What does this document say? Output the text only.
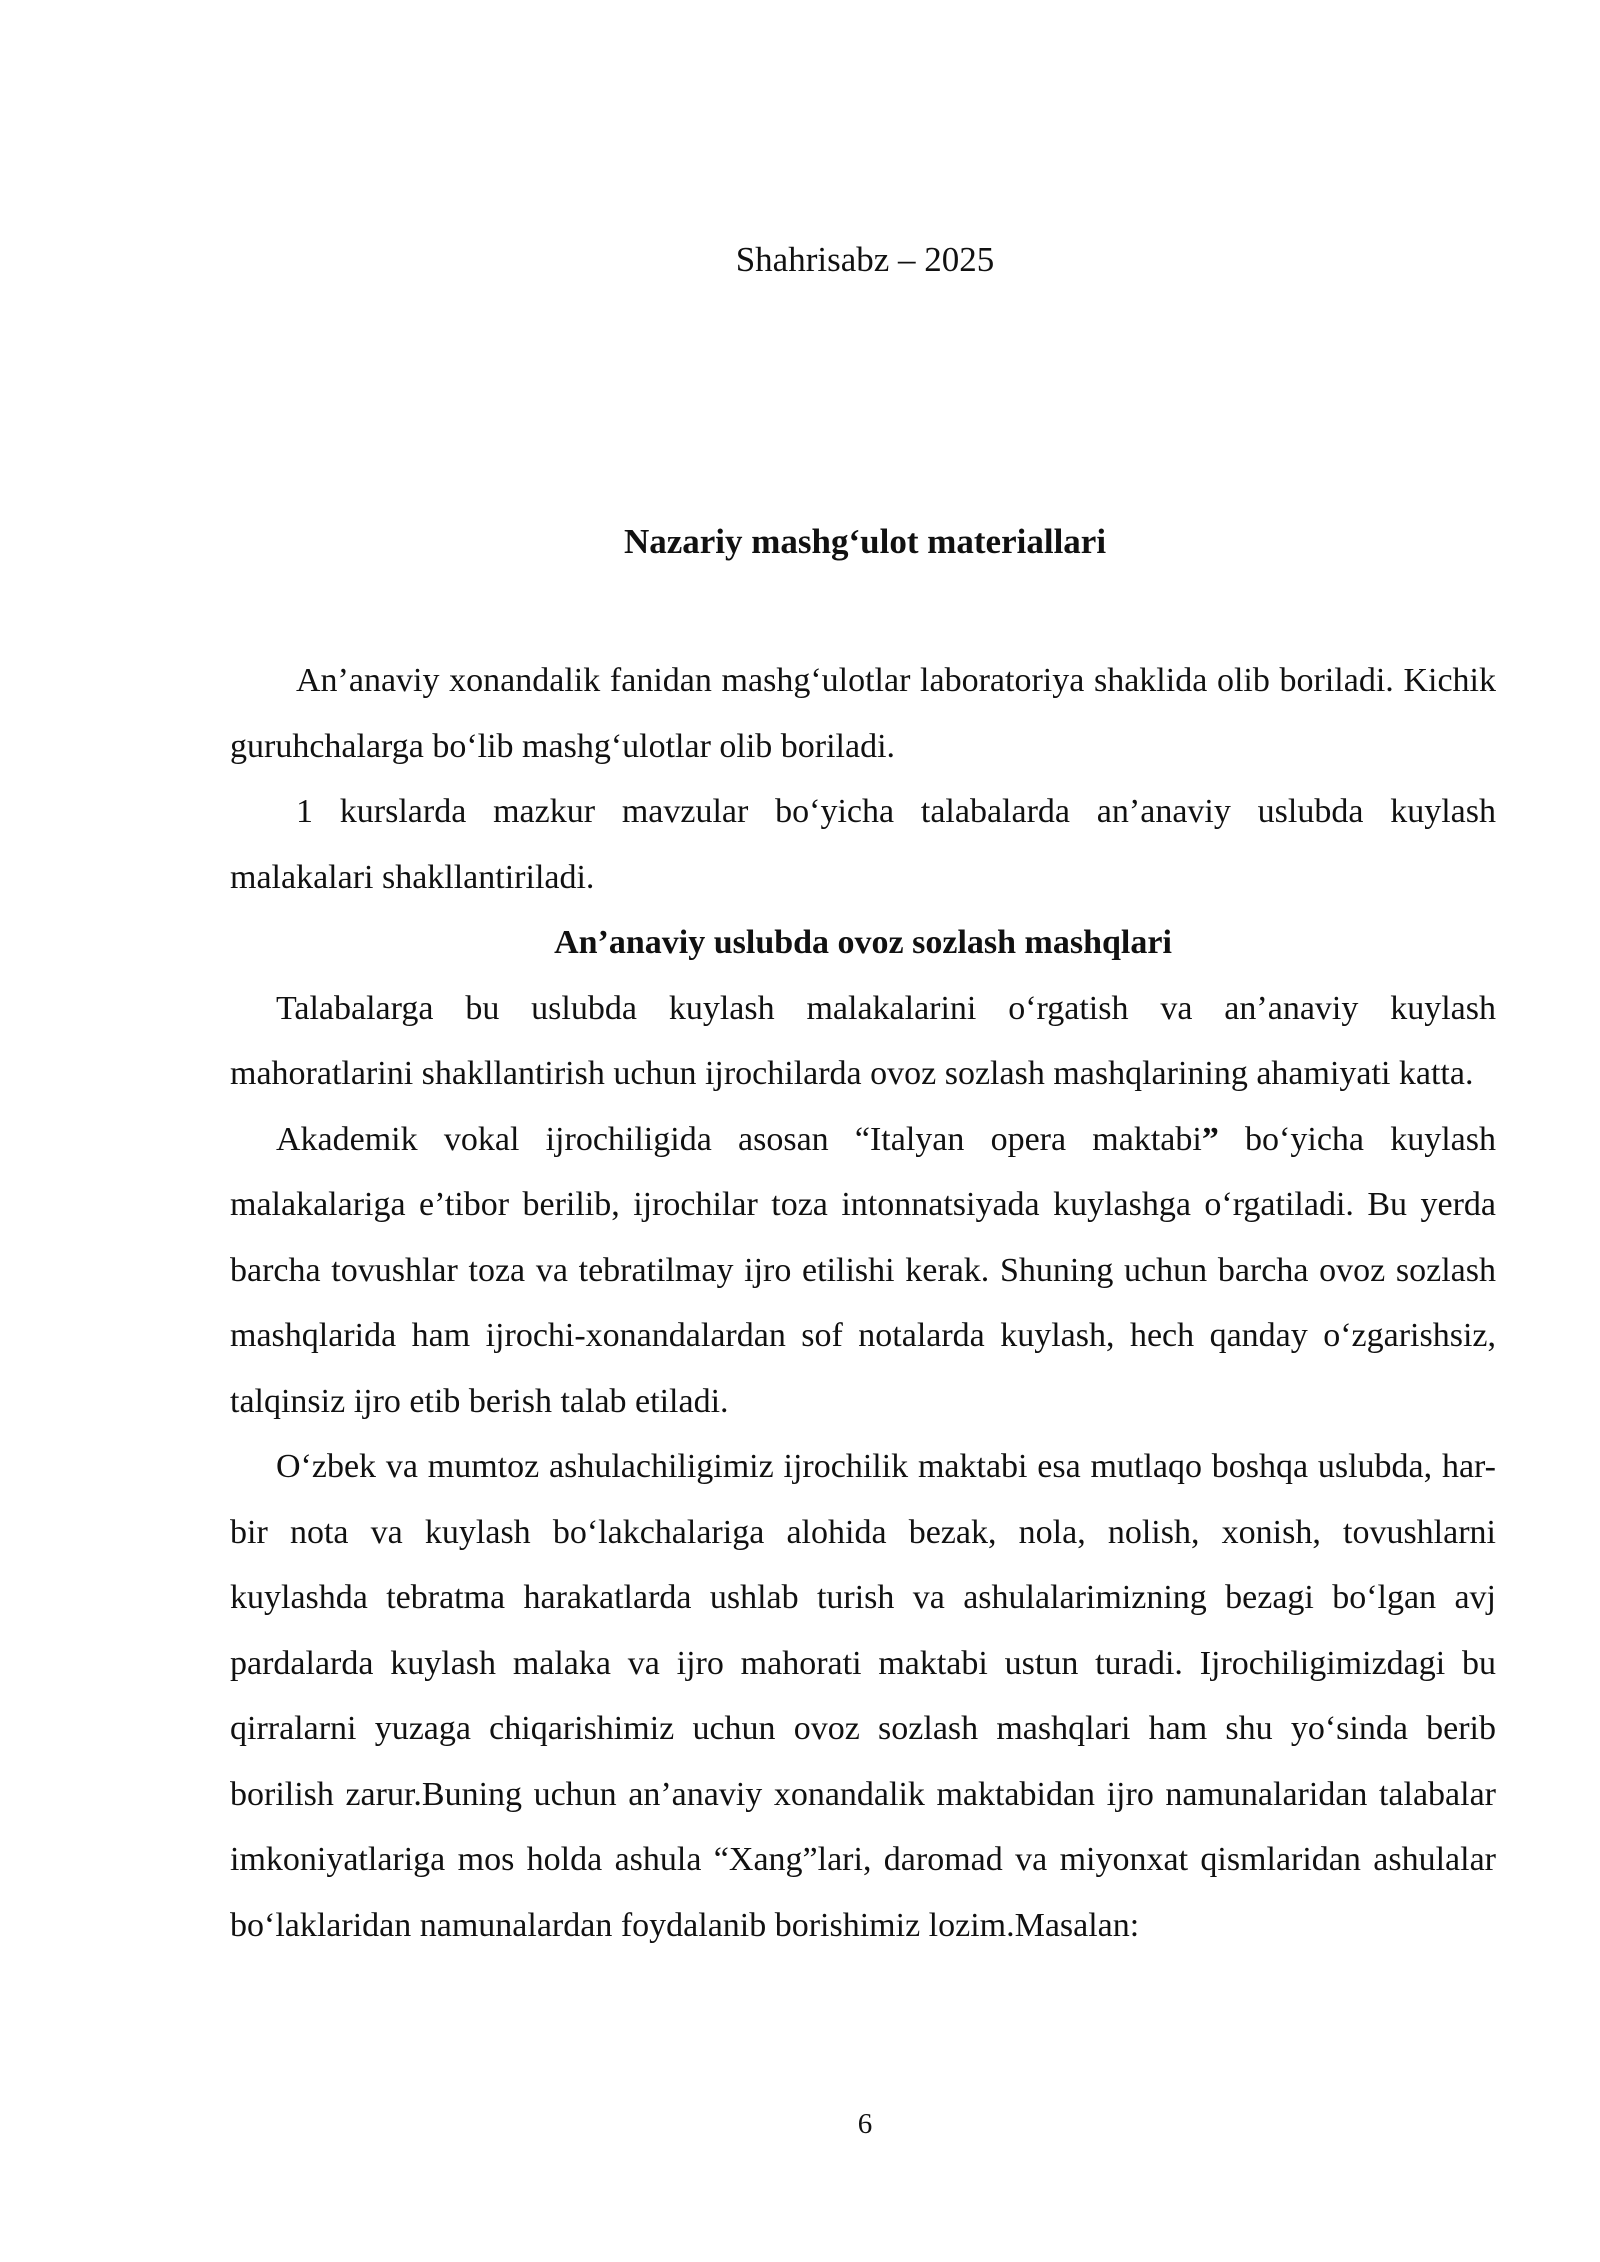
Shahrisabz – 2025
Nazariy mashg‘ulot materiallari

An’anaviy xonandalik fanidan mashg‘ulotlar laboratoriya shaklida olib boriladi. Kichik guruhchalarga bo‘lib mashg‘ulotlar olib boriladi.

1 kurslarda mazkur mavzular bo‘yicha talabalarda an’anaviy uslubda kuylash malakalari shakllantiriladi.

An’anaviy uslubda ovoz sozlash mashqlari

Talabalarga bu uslubda kuylash malakalarini o‘rgatish va an’anaviy kuylash mahoratlarini shakllantirish uchun ijrochilarda ovoz sozlash mashqlarining ahamiyati katta.

Akademik vokal ijrochiligida asosan “Italyan opera maktabi” bo‘yicha kuylash malakalariga e’tibor berilib, ijrochilar toza intonnatsiyada kuylashga o‘rgatiladi. Bu yerda barcha tovushlar toza va tebratilmay ijro etilishi kerak. Shuning uchun barcha ovoz sozlash mashqlarida ham ijrochi-xonandalardan sof notalarda kuylash, hech qanday o‘zgarishsiz, talqinsiz ijro etib berish talab etiladi.

O‘zbek va mumtoz ashulachiligimiz ijrochilik maktabi esa mutlaqo boshqa uslubda, har-bir nota va kuylash bo‘lakchalariga alohida bezak, nola, nolish, xonish, tovushlarni kuylashda tebratma harakatlarda ushlab turish va ashulalarimizning bezagi bo‘lgan avj pardalarda kuylash malaka va ijro mahorati maktabi ustun turadi. Ijrochiligimizdagi bu qirralarni yuzaga chiqarishimiz uchun ovoz sozlash mashqlari ham shu yo‘sinda berib borilish zarur.Buning uchun an’anaviy xonandalik maktabidan ijro namunalaridan talabalar imkoniyatlariga mos holda ashula “Xang”lari, daromad va miyonxat qismlaridan ashulalar bo‘laklaridan namunalardan foydalanib borishimiz lozim.Masalan:

6
